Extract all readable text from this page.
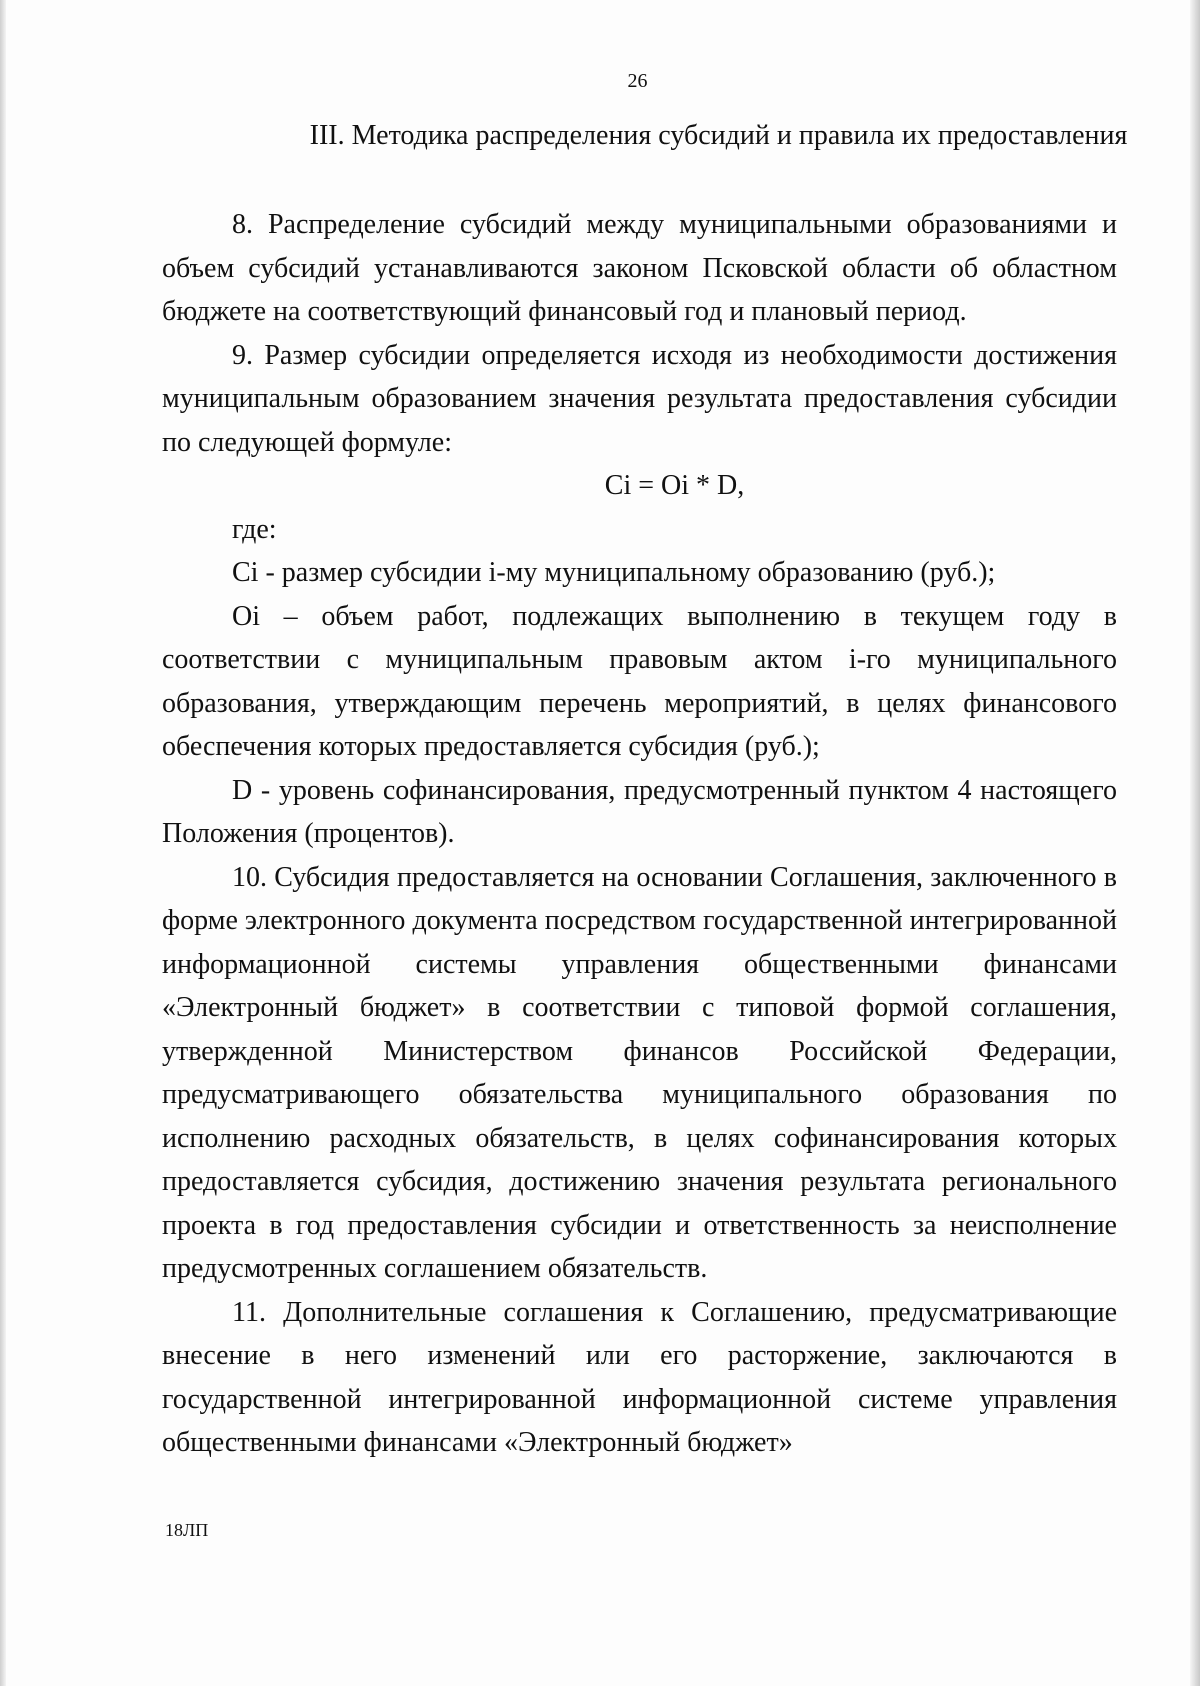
26
III. Методика распределения субсидий и правила их предоставления

8. Распределение субсидий между муниципальными образованиями и объем субсидий устанавливаются законом Псковской области об областном бюджете на соответствующий финансовый год и плановый период.

9. Размер субсидии определяется исходя из необходимости достижения муниципальным образованием значения результата предоставления субсидии по следующей формуле:

Ci = Oi * D,

где:

Ci - размер субсидии i-му муниципальному образованию (руб.);

Oi – объем работ, подлежащих выполнению в текущем году в соответствии с муниципальным правовым актом i-го муниципального образования, утверждающим перечень мероприятий, в целях финансового обеспечения которых предоставляется субсидия (руб.);

D - уровень софинансирования, предусмотренный пунктом 4 настоящего Положения (процентов).

10. Субсидия предоставляется на основании Соглашения, заключенного в форме электронного документа посредством государственной интегрированной информационной системы управления общественными финансами «Электронный бюджет» в соответствии с типовой формой соглашения, утвержденной Министерством финансов Российской Федерации, предусматривающего обязательства муниципального образования по исполнению расходных обязательств, в целях софинансирования которых предоставляется субсидия, достижению значения результата регионального проекта в год предоставления субсидии и ответственность за неисполнение предусмотренных соглашением обязательств.

11. Дополнительные соглашения к Соглашению, предусматривающие внесение в него изменений или его расторжение, заключаются в государственной интегрированной информационной системе управления общественными финансами «Электронный бюджет»

18ЛП
